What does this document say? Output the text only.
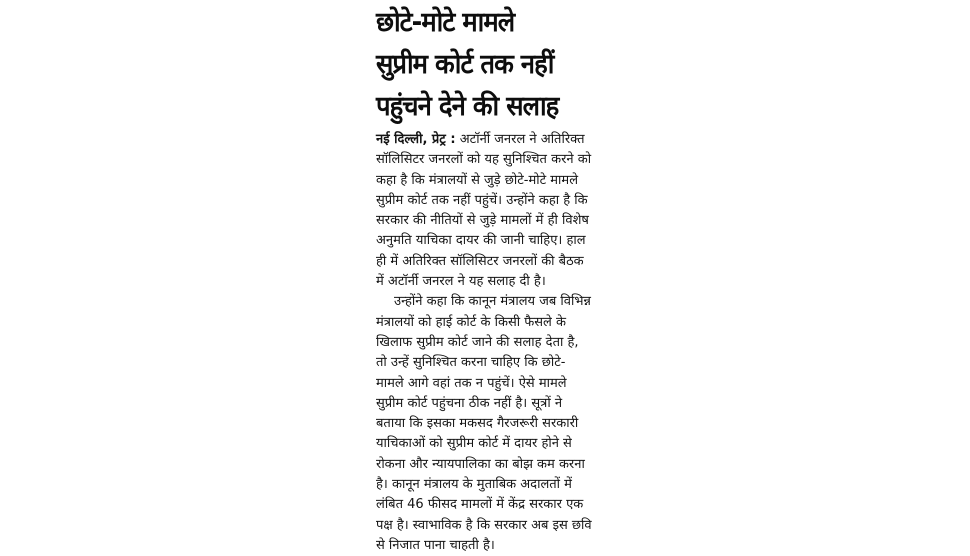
छोटे-मोटे मामले
सुप्रीम कोर्ट तक नहीं
पहुंचने देने की सलाह
नई दिल्ली, प्रेट्र : अटॉर्नी जनरल ने अतिरिक्त
सॉलिसिटर जनरलों को यह सुनिश्चित करने को
कहा है कि मंत्रालयों से जुड़े छोटे-मोटे मामले
सुप्रीम कोर्ट तक नहीं पहुंचें। उन्होंने कहा है कि
सरकार की नीतियों से जुड़े मामलों में ही विशेष
अनुमति याचिका दायर की जानी चाहिए। हाल
ही में अतिरिक्त सॉलिसिटर जनरलों की बैठक
में अटॉर्नी जनरल ने यह सलाह दी है।
उन्होंने कहा कि कानून मंत्रालय जब विभिन्न
मंत्रालयों को हाई कोर्ट के किसी फैसले के
खिलाफ सुप्रीम कोर्ट जाने की सलाह देता है,
तो उन्हें सुनिश्चित करना चाहिए कि छोटे-
मामले आगे वहां तक न पहुंचें। ऐसे मामले
सुप्रीम कोर्ट पहुंचना ठीक नहीं है। सूत्रों ने
बताया कि इसका मकसद गैरजरूरी सरकारी
याचिकाओं को सुप्रीम कोर्ट में दायर होने से
रोकना और न्यायपालिका का बोझ कम करना
है। कानून मंत्रालय के मुताबिक अदालतों में
लंबित 46 फीसद मामलों में केंद्र सरकार एक
पक्ष है। स्वाभाविक है कि सरकार अब इस छवि
से निजात पाना चाहती है।
